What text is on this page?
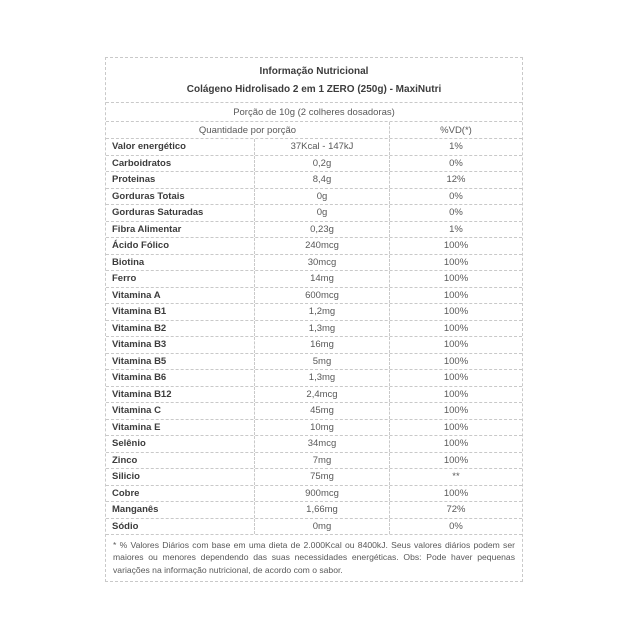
Informação Nutricional
Colágeno Hidrolisado 2 em 1 ZERO (250g) - MaxiNutri
Porção de 10g (2 colheres dosadoras)
Quantidade por porção	%VD(*)
Valor energético	37Kcal - 147kJ	1%
Carboidratos	0,2g	0%
Proteinas	8,4g	12%
Gorduras Totais	0g	0%
Gorduras Saturadas	0g	0%
Fibra Alimentar	0,23g	1%
Ácido Fólico	240mcg	100%
Biotina	30mcg	100%
Ferro	14mg	100%
Vitamina A	600mcg	100%
Vitamina B1	1,2mg	100%
Vitamina B2	1,3mg	100%
Vitamina B3	16mg	100%
Vitamina B5	5mg	100%
Vitamina B6	1,3mg	100%
Vitamina B12	2,4mcg	100%
Vitamina C	45mg	100%
Vitamina E	10mg	100%
Selênio	34mcg	100%
Zinco	7mg	100%
Silicio	75mg	**
Cobre	900mcg	100%
Manganês	1,66mg	72%
Sódio	0mg	0%
* % Valores Diários com base em uma dieta de 2.000Kcal ou 8400kJ. Seus valores diários podem ser maiores ou menores dependendo das suas necessidades energéticas. Obs: Pode haver pequenas variações na informação nutricional, de acordo com o sabor.
